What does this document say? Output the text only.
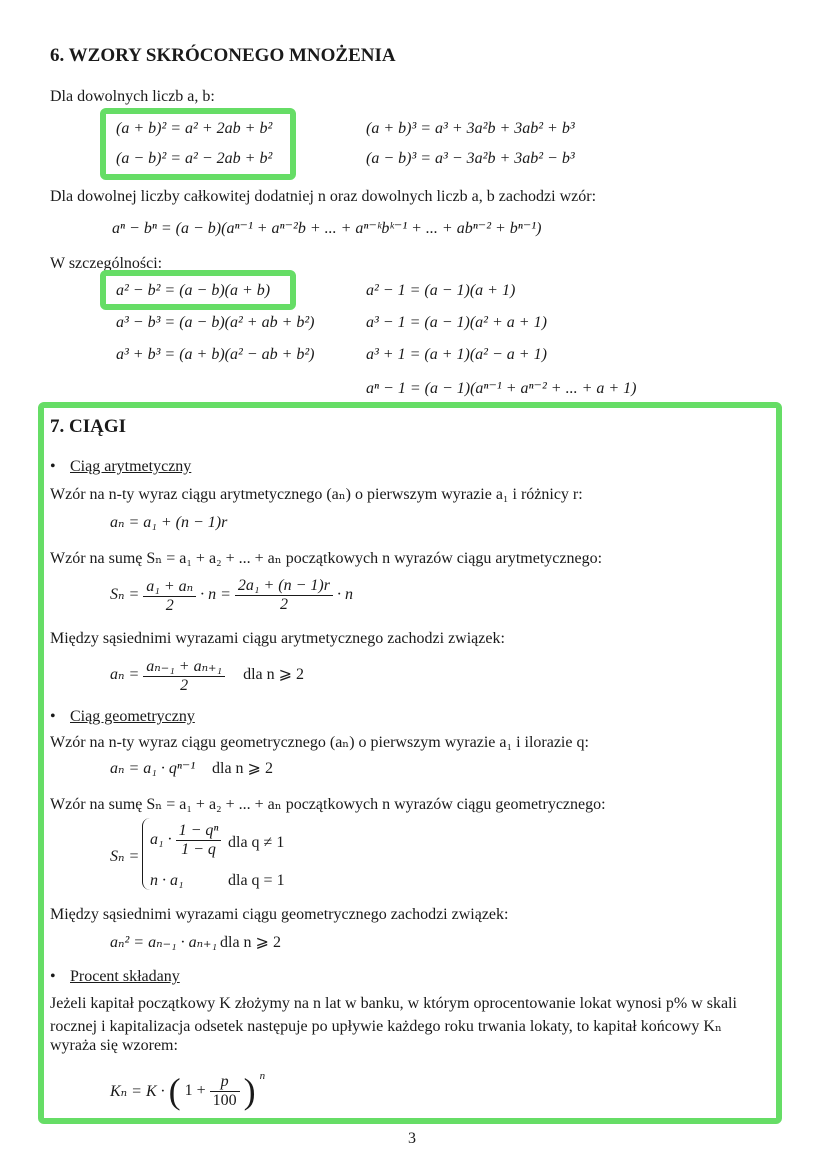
6. WZORY SKRÓCONEGO MNOŻENIA
Dla dowolnych liczb a, b:
(a + b)² = a² + 2ab + b²
(a − b)² = a² − 2ab + b²
(a + b)³ = a³ + 3a²b + 3ab² + b³
(a − b)³ = a³ − 3a²b + 3ab² − b³
Dla dowolnej liczby całkowitej dodatniej n oraz dowolnych liczb a, b zachodzi wzór:
aⁿ − bⁿ = (a − b)(aⁿ⁻¹ + aⁿ⁻²b + ... + aⁿ⁻ᵏbᵏ⁻¹ + ... + abⁿ⁻² + bⁿ⁻¹)
W szczególności:
a² − b² = (a − b)(a + b)
a³ − b³ = (a − b)(a² + ab + b²)
a³ + b³ = (a + b)(a² − ab + b²)
a² − 1 = (a − 1)(a + 1)
a³ − 1 = (a − 1)(a² + a + 1)
a³ + 1 = (a + 1)(a² − a + 1)
aⁿ − 1 = (a − 1)(aⁿ⁻¹ + aⁿ⁻² + ... + a + 1)
7. CIĄGI
• Ciąg arytmetyczny
Wzór na n-ty wyraz ciągu arytmetycznego (aₙ) o pierwszym wyrazie a₁ i różnicy r:
aₙ = a₁ + (n − 1)r
Wzór na sumę Sₙ = a₁ + a₂ + ... + aₙ początkowych n wyrazów ciągu arytmetycznego:
$S_n = \frac{\text{a₁ + aₙ}}{2} \cdot n = \frac{\text{2a₁ + (n − 1)r}}{2} \cdot n$
Między sąsiednimi wyrazami ciągu arytmetycznego zachodzi związek:
$a_n = \frac{\text{aₙ₋₁ + aₙ₊₁}}{2}$ dla n ⩾ 2
• Ciąg geometryczny
Wzór na n-ty wyraz ciągu geometrycznego (aₙ) o pierwszym wyrazie a₁ i ilorazie q:
aₙ = a₁ · qⁿ⁻¹ dla n ⩾ 2
Wzór na sumę Sₙ = a₁ + a₂ + ... + aₙ początkowych n wyrazów ciągu geometrycznego:
Sₙ =
$a_1 \cdot \frac{\text{1 − qⁿ}}{1 - q}$ dla q ≠ 1
n · a₁	dla q = 1
Między sąsiednimi wyrazami ciągu geometrycznego zachodzi związek:
aₙ² = aₙ₋₁ · aₙ₊₁ dla n ⩾ 2
• Procent składany
Jeżeli kapitał początkowy K złożymy na n lat w banku, w którym oprocentowanie lokat wynosi p% w skali
rocznej i kapitalizacja odsetek następuje po upływie każdego roku trwania lokaty, to kapitał końcowy Kₙ
wyraża się wzorem:
Kₙ = K · ( $1 + \frac{p}{100}$ ) $^n$
3
